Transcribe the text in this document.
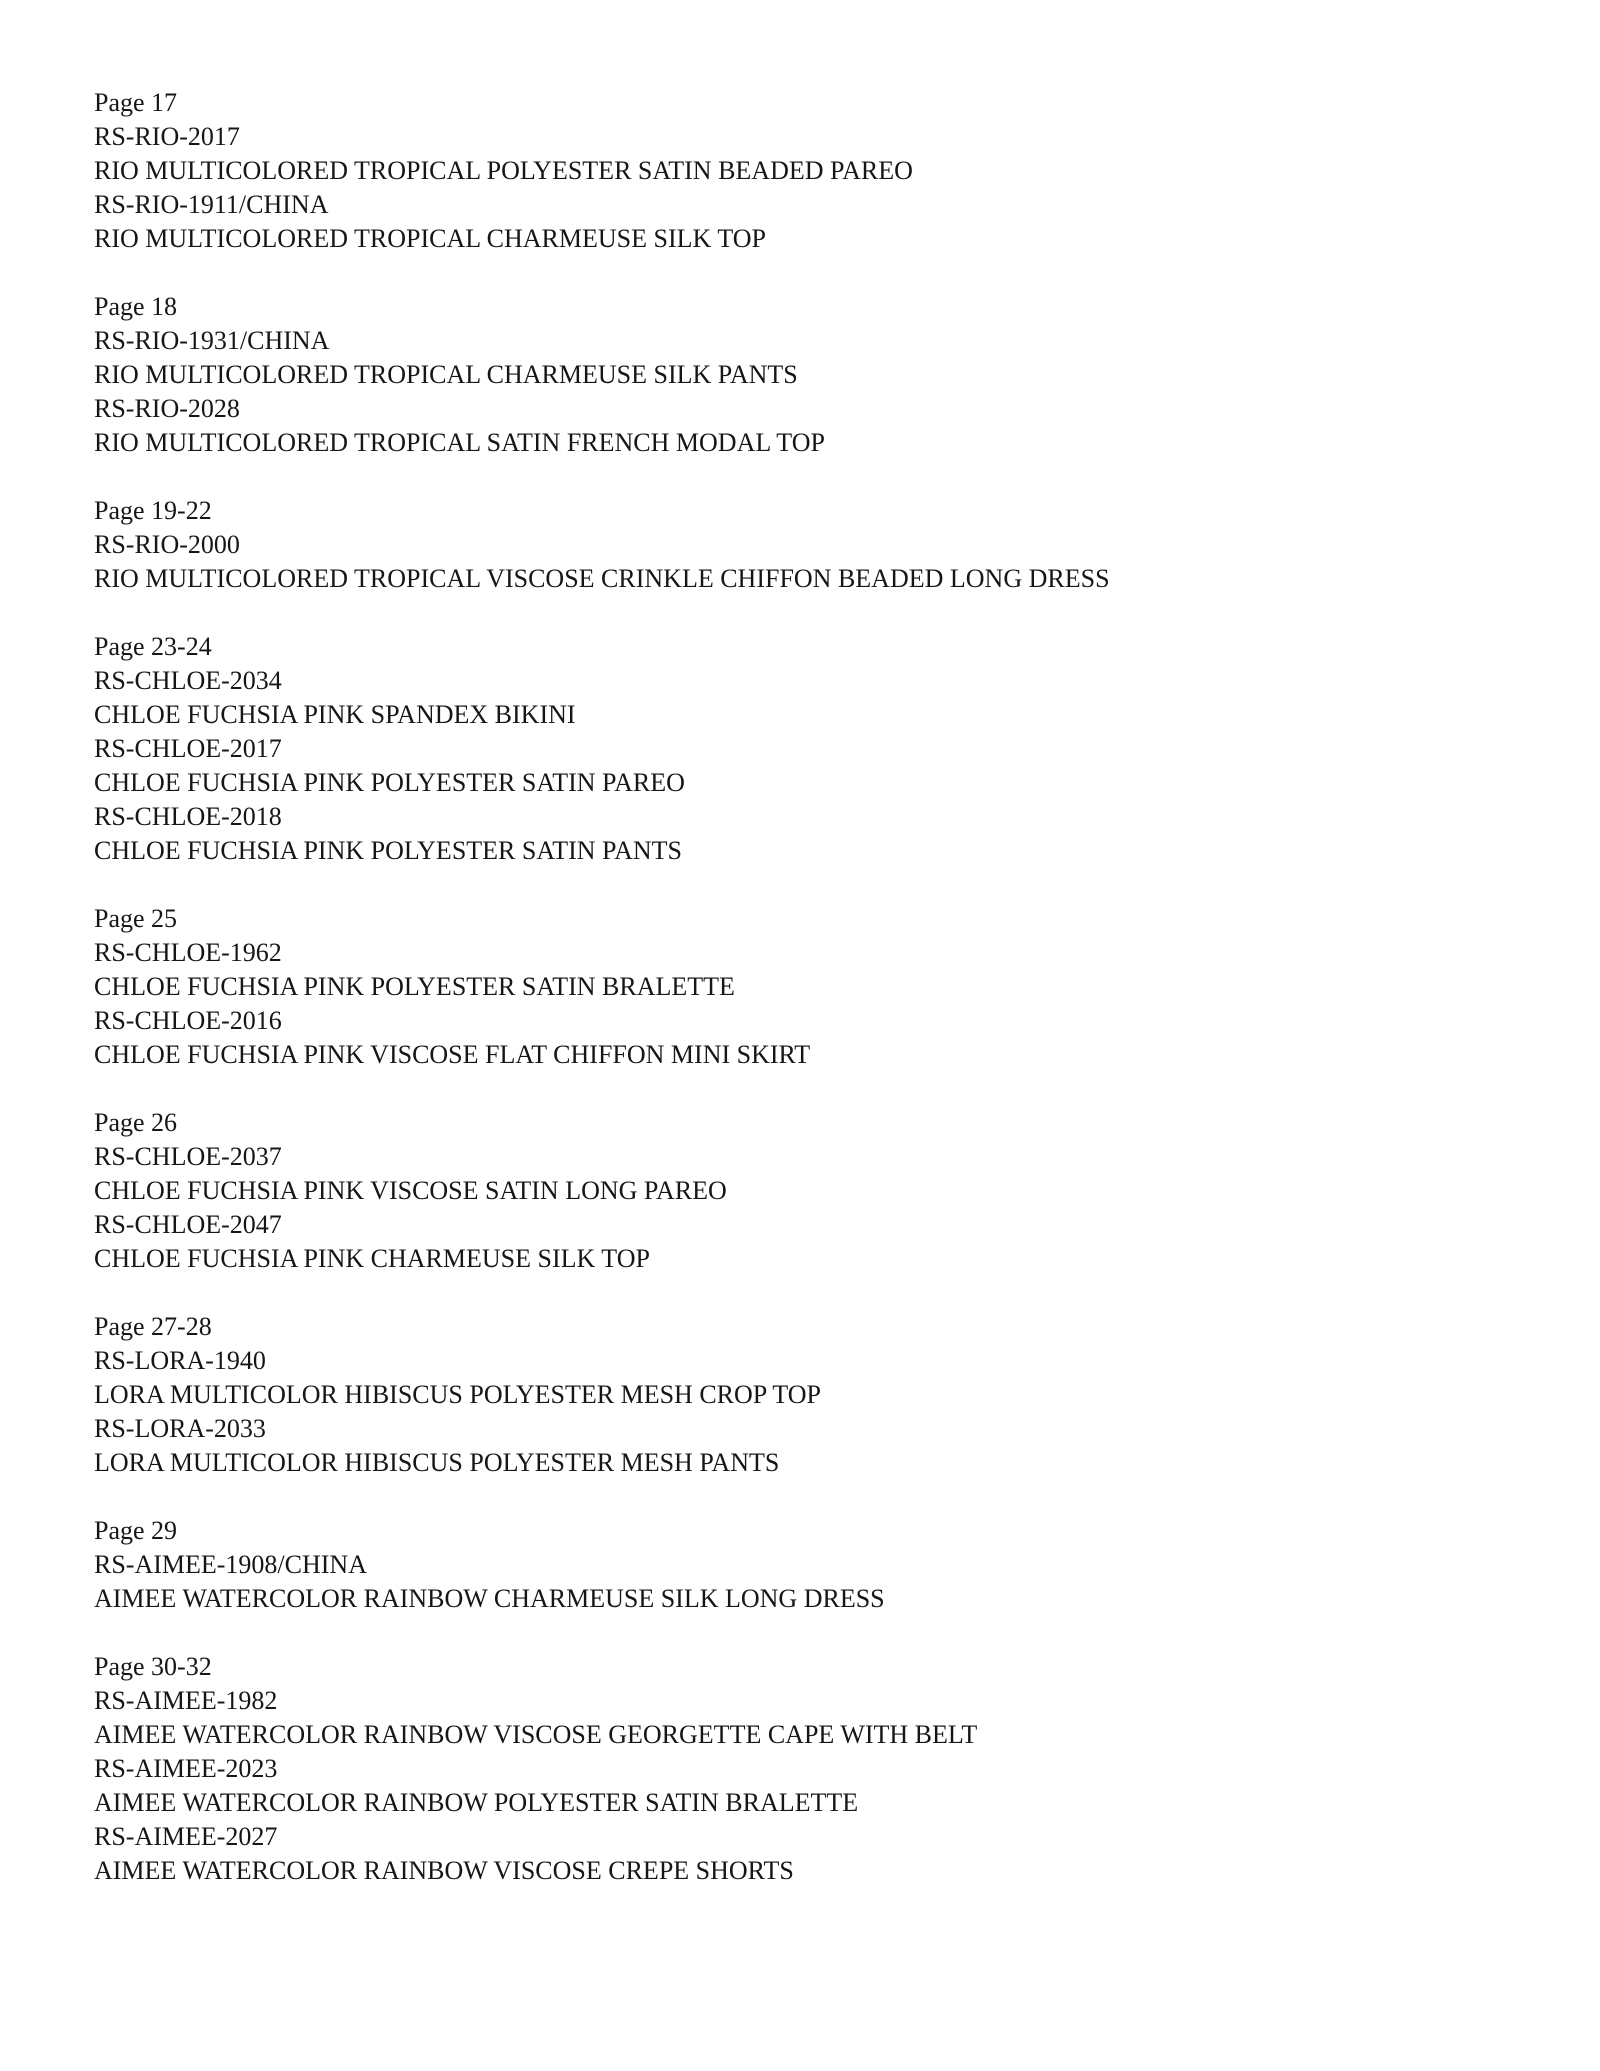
Page 17
RS-RIO-2017
RIO MULTICOLORED TROPICAL POLYESTER SATIN BEADED PAREO
RS-RIO-1911/CHINA
RIO MULTICOLORED TROPICAL CHARMEUSE SILK TOP
Page 18
RS-RIO-1931/CHINA
RIO MULTICOLORED TROPICAL CHARMEUSE SILK PANTS
RS-RIO-2028
RIO MULTICOLORED TROPICAL SATIN FRENCH MODAL TOP
Page 19-22
RS-RIO-2000
RIO MULTICOLORED TROPICAL VISCOSE CRINKLE CHIFFON BEADED LONG DRESS
Page 23-24
RS-CHLOE-2034
CHLOE FUCHSIA PINK SPANDEX BIKINI
RS-CHLOE-2017
CHLOE FUCHSIA PINK POLYESTER SATIN PAREO
RS-CHLOE-2018
CHLOE FUCHSIA PINK POLYESTER SATIN PANTS
Page 25
RS-CHLOE-1962
CHLOE FUCHSIA PINK POLYESTER SATIN BRALETTE
RS-CHLOE-2016
CHLOE FUCHSIA PINK VISCOSE FLAT CHIFFON MINI SKIRT
Page 26
RS-CHLOE-2037
CHLOE FUCHSIA PINK VISCOSE SATIN LONG PAREO
RS-CHLOE-2047
CHLOE FUCHSIA PINK CHARMEUSE SILK TOP
Page 27-28
RS-LORA-1940
LORA MULTICOLOR HIBISCUS POLYESTER MESH CROP TOP
RS-LORA-2033
LORA MULTICOLOR HIBISCUS POLYESTER MESH PANTS
Page 29
RS-AIMEE-1908/CHINA
AIMEE WATERCOLOR RAINBOW CHARMEUSE SILK LONG DRESS
Page 30-32
RS-AIMEE-1982
AIMEE WATERCOLOR RAINBOW VISCOSE GEORGETTE CAPE WITH BELT
RS-AIMEE-2023
AIMEE WATERCOLOR RAINBOW POLYESTER SATIN BRALETTE
RS-AIMEE-2027
AIMEE WATERCOLOR RAINBOW VISCOSE CREPE SHORTS
